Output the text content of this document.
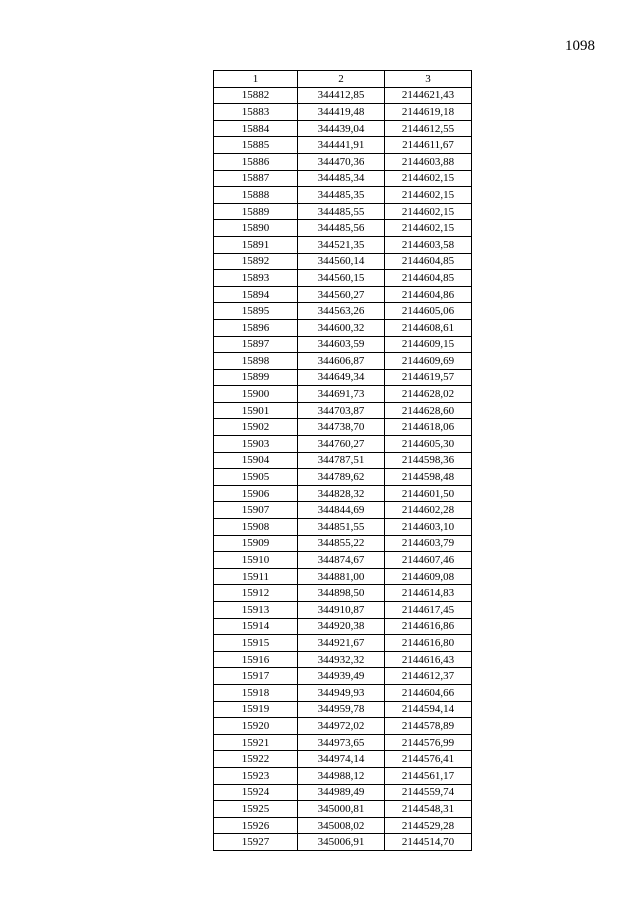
1098
1	2	3
15882	344412,85	2144621,43
15883	344419,48	2144619,18
15884	344439,04	2144612,55
15885	344441,91	2144611,67
15886	344470,36	2144603,88
15887	344485,34	2144602,15
15888	344485,35	2144602,15
15889	344485,55	2144602,15
15890	344485,56	2144602,15
15891	344521,35	2144603,58
15892	344560,14	2144604,85
15893	344560,15	2144604,85
15894	344560,27	2144604,86
15895	344563,26	2144605,06
15896	344600,32	2144608,61
15897	344603,59	2144609,15
15898	344606,87	2144609,69
15899	344649,34	2144619,57
15900	344691,73	2144628,02
15901	344703,87	2144628,60
15902	344738,70	2144618,06
15903	344760,27	2144605,30
15904	344787,51	2144598,36
15905	344789,62	2144598,48
15906	344828,32	2144601,50
15907	344844,69	2144602,28
15908	344851,55	2144603,10
15909	344855,22	2144603,79
15910	344874,67	2144607,46
15911	344881,00	2144609,08
15912	344898,50	2144614,83
15913	344910,87	2144617,45
15914	344920,38	2144616,86
15915	344921,67	2144616,80
15916	344932,32	2144616,43
15917	344939,49	2144612,37
15918	344949,93	2144604,66
15919	344959,78	2144594,14
15920	344972,02	2144578,89
15921	344973,65	2144576,99
15922	344974,14	2144576,41
15923	344988,12	2144561,17
15924	344989,49	2144559,74
15925	345000,81	2144548,31
15926	345008,02	2144529,28
15927	345006,91	2144514,70
